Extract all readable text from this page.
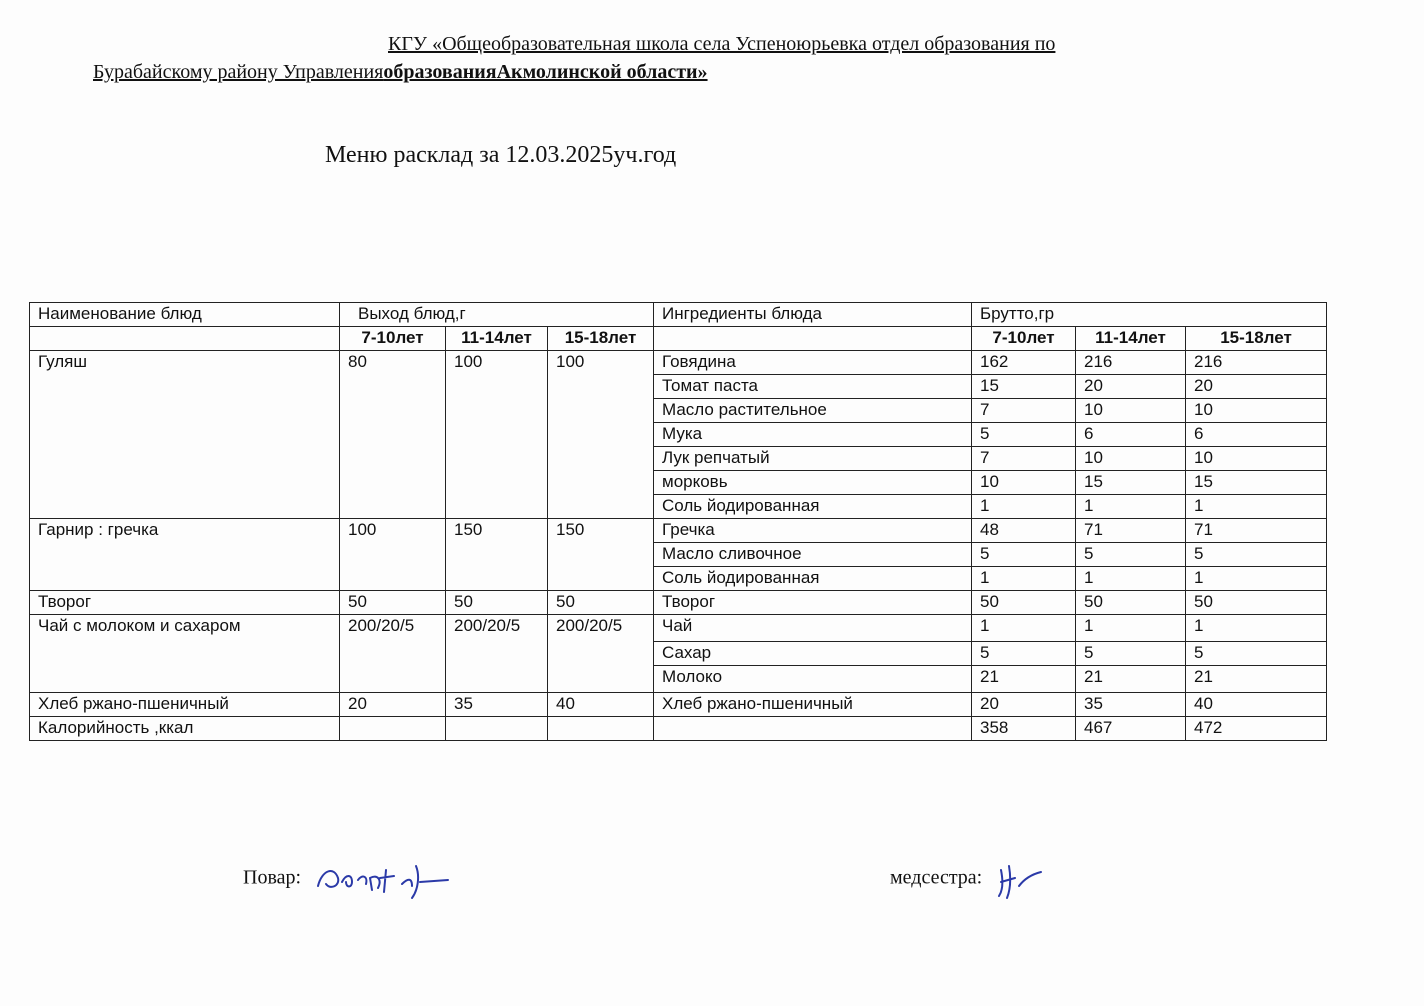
КГУ «Общеобразовательная школа села Успеноюрьевка отдел образования по
Бурабайскому району УправленияобразованияАкмолинской области»
Меню расклад за 12.03.2025уч.год
Наименование блюд	Выход блюд,г			Ингредиенты блюда	Брутто,гр		
	7-10лет	11-14лет	15-18лет		7-10лет	11-14лет	15-18лет
Гуляш	80	100	100	Говядина	162	216	216
				Томат паста	15	20	20
				Масло растительное	7	10	10
				Мука	5	6	6
				Лук репчатый	7	10	10
				морковь	10	15	15
				Соль йодированная	1	1	1
Гарнир : гречка	100	150	150	Гречка	48	71	71
				Масло сливочное	5	5	5
				Соль йодированная	1	1	1
Творог	50	50	50	Творог	50	50	50
Чай с молоком и сахаром	200/20/5	200/20/5	200/20/5	Чай	1	1	1
				Сахар	5	5	5
				Молоко	21	21	21
Хлеб ржано-пшеничный	20	35	40	Хлеб ржано-пшеничный	20	35	40
Калорийность ,ккал					358	467	472
Повар:	медсестра:
